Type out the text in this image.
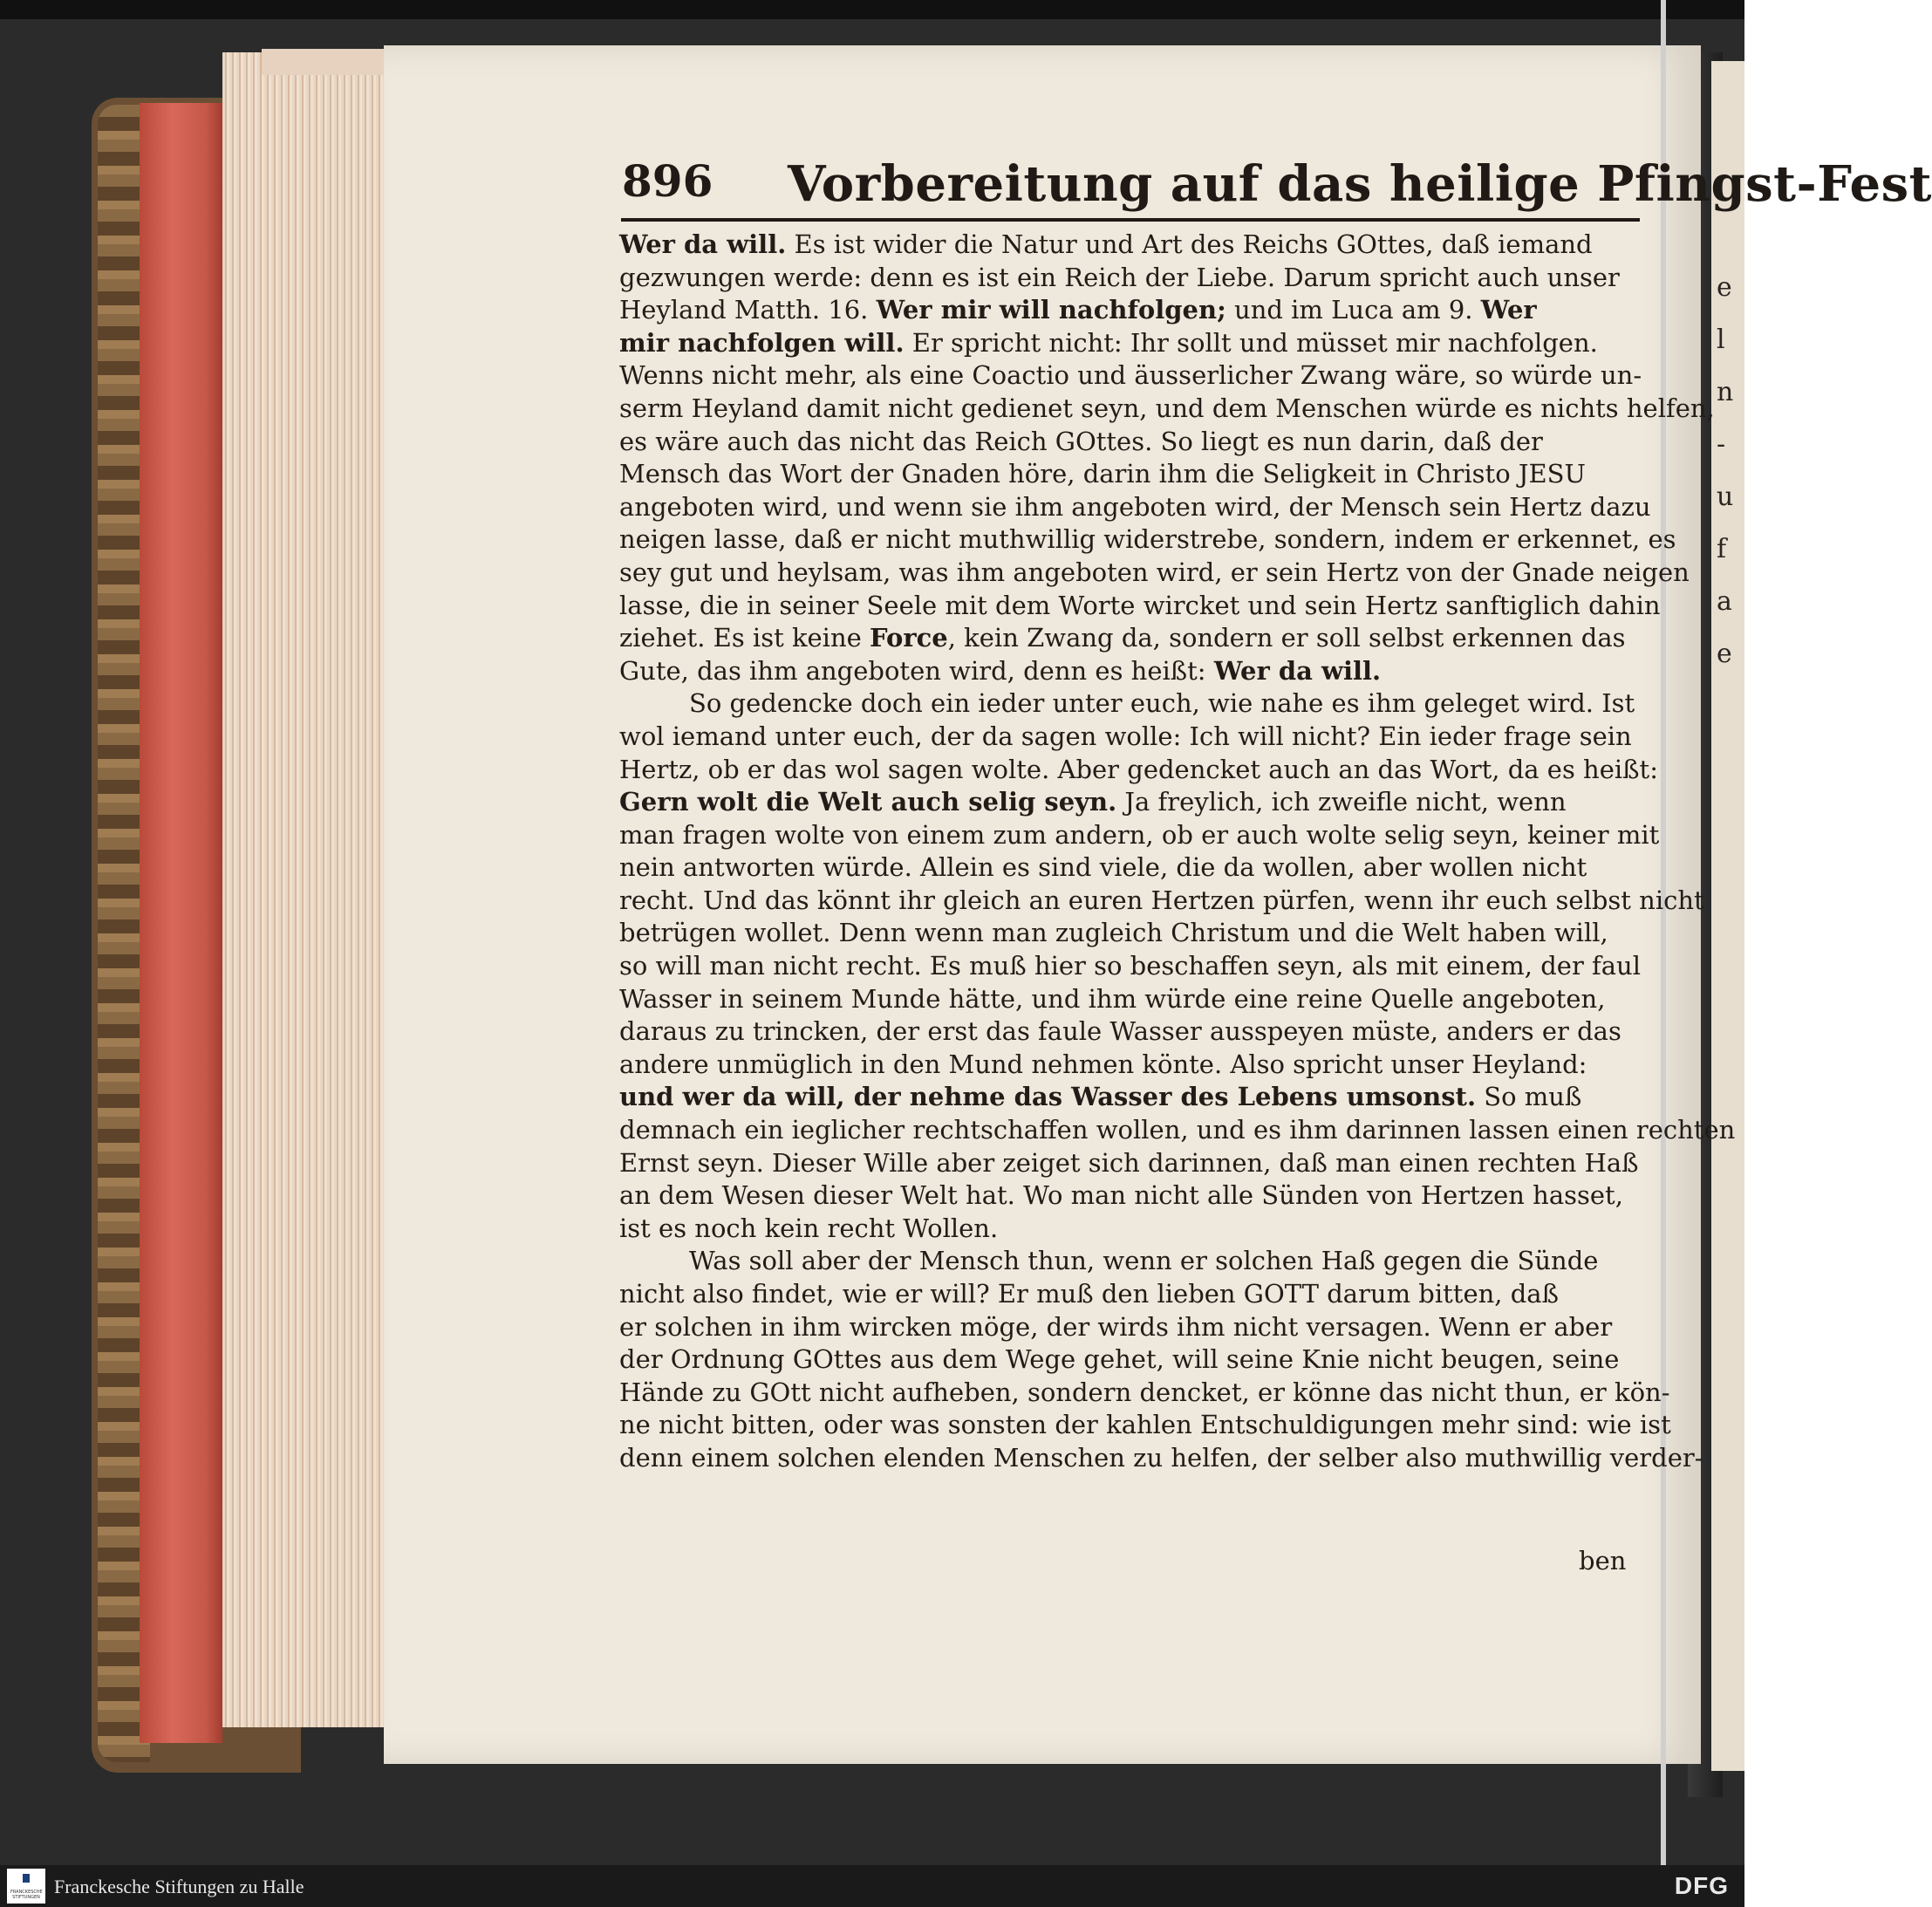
e
l
n
-
u
f
a
e
896 Vorbereitung auf das heilige Pfingst-Fest
Wer da will. Es ist wider die Natur und Art des Reichs GOttes, daß iemand
gezwungen werde: denn es ist ein Reich der Liebe. Darum spricht auch unser
Heyland Matth. 16. Wer mir will nachfolgen; und im Luca am 9. Wer
mir nachfolgen will. Er spricht nicht: Ihr sollt und müsset mir nachfolgen.
Wenns nicht mehr, als eine Coactio und äusserlicher Zwang wäre, so würde un-
serm Heyland damit nicht gedienet seyn, und dem Menschen würde es nichts helfen,
es wäre auch das nicht das Reich GOttes. So liegt es nun darin, daß der
Mensch das Wort der Gnaden höre, darin ihm die Seligkeit in Christo JESU
angeboten wird, und wenn sie ihm angeboten wird, der Mensch sein Hertz dazu
neigen lasse, daß er nicht muthwillig widerstrebe, sondern, indem er erkennet, es
sey gut und heylsam, was ihm angeboten wird, er sein Hertz von der Gnade neigen
lasse, die in seiner Seele mit dem Worte wircket und sein Hertz sanftiglich dahin
ziehet. Es ist keine Force, kein Zwang da, sondern er soll selbst erkennen das
Gute, das ihm angeboten wird, denn es heißt: Wer da will.
So gedencke doch ein ieder unter euch, wie nahe es ihm geleget wird. Ist
wol iemand unter euch, der da sagen wolle: Ich will nicht? Ein ieder frage sein
Hertz, ob er das wol sagen wolte. Aber gedencket auch an das Wort, da es heißt:
Gern wolt die Welt auch selig seyn. Ja freylich, ich zweifle nicht, wenn
man fragen wolte von einem zum andern, ob er auch wolte selig seyn, keiner mit
nein antworten würde. Allein es sind viele, die da wollen, aber wollen nicht
recht. Und das könnt ihr gleich an euren Hertzen pürfen, wenn ihr euch selbst nicht
betrügen wollet. Denn wenn man zugleich Christum und die Welt haben will,
so will man nicht recht. Es muß hier so beschaffen seyn, als mit einem, der faul
Wasser in seinem Munde hätte, und ihm würde eine reine Quelle angeboten,
daraus zu trincken, der erst das faule Wasser ausspeyen müste, anders er das
andere unmüglich in den Mund nehmen könte. Also spricht unser Heyland:
und wer da will, der nehme das Wasser des Lebens umsonst. So muß
demnach ein ieglicher rechtschaffen wollen, und es ihm darinnen lassen einen rechten
Ernst seyn. Dieser Wille aber zeiget sich darinnen, daß man einen rechten Haß
an dem Wesen dieser Welt hat. Wo man nicht alle Sünden von Hertzen hasset,
ist es noch kein recht Wollen.
Was soll aber der Mensch thun, wenn er solchen Haß gegen die Sünde
nicht also findet, wie er will? Er muß den lieben GOTT darum bitten, daß
er solchen in ihm wircken möge, der wirds ihm nicht versagen. Wenn er aber
der Ordnung GOttes aus dem Wege gehet, will seine Knie nicht beugen, seine
Hände zu GOtt nicht aufheben, sondern dencket, er könne das nicht thun, er kön-
ne nicht bitten, oder was sonsten der kahlen Entschuldigungen mehr sind: wie ist
denn einem solchen elenden Menschen zu helfen, der selber also muthwillig verder-
ben
FRANCKESCHE STIFTUNGEN Franckesche Stiftungen zu Halle	DFG
